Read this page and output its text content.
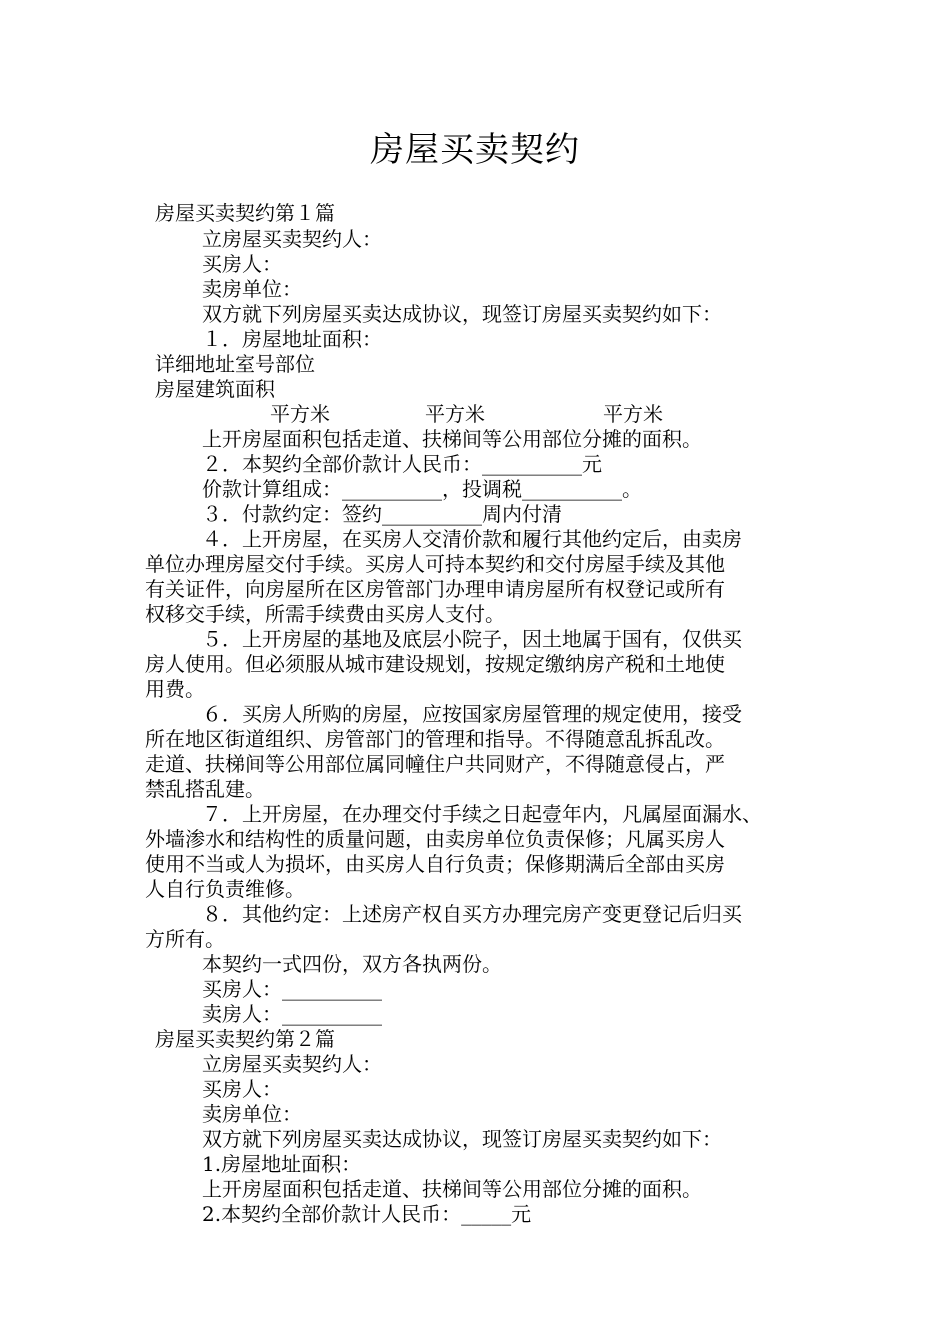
房屋买卖契约
房屋买卖契约第１篇
立房屋买卖契约人：
买房人：
卖房单位：
双方就下列房屋买卖达成协议，现签订房屋买卖契约如下：
１．房屋地址面积：
详细地址室号部位
房屋建筑面积
平方米	平方米	平方米
上开房屋面积包括走道、扶梯间等公用部位分摊的面积。
２．本契约全部价款计人民币：__________元
价款计算组成：__________，投调税__________。
３．付款约定：签约__________周内付清
４．上开房屋，在买房人交清价款和履行其他约定后，由卖房
单位办理房屋交付手续。买房人可持本契约和交付房屋手续及其他
有关证件，向房屋所在区房管部门办理申请房屋所有权登记或所有
权移交手续，所需手续费由买房人支付。
５．上开房屋的基地及底层小院子，因土地属于国有，仅供买
房人使用。但必须服从城市建设规划，按规定缴纳房产税和土地使
用费。
６．买房人所购的房屋，应按国家房屋管理的规定使用，接受
所在地区街道组织、房管部门的管理和指导。不得随意乱拆乱改。
走道、扶梯间等公用部位属同幢住户共同财产，不得随意侵占，严
禁乱搭乱建。
７．上开房屋，在办理交付手续之日起壹年内，凡属屋面漏水、
外墙渗水和结构性的质量问题，由卖房单位负责保修；凡属买房人
使用不当或人为损坏，由买房人自行负责；保修期满后全部由买房
人自行负责维修。
８．其他约定：上述房产权自买方办理完房产变更登记后归买
方所有。
本契约一式四份，双方各执两份。
买房人：__________
卖房人：__________
房屋买卖契约第２篇
立房屋买卖契约人：
买房人：
卖房单位：
双方就下列房屋买卖达成协议，现签订房屋买卖契约如下：
1.房屋地址面积：
上开房屋面积包括走道、扶梯间等公用部位分摊的面积。
2.本契约全部价款计人民币：_____元
